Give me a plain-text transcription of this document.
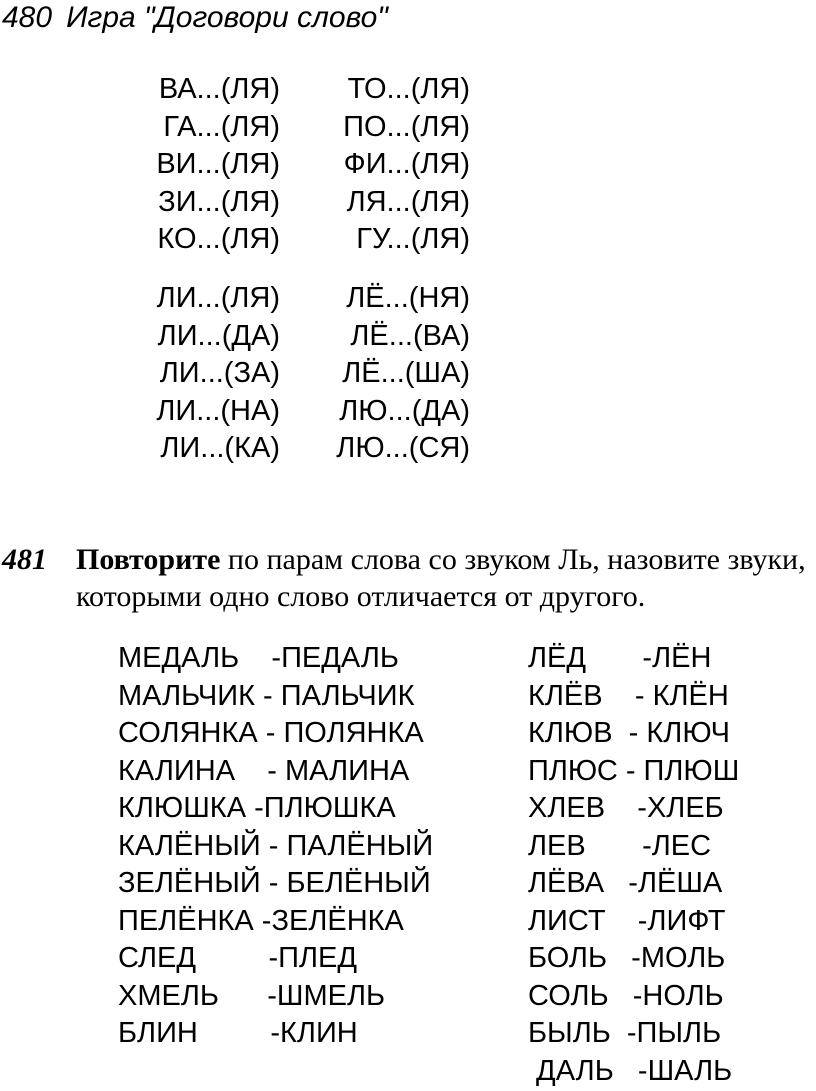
480 Игра "Договори слово"
ВА...(ЛЯ) ТО...(ЛЯ)
ГА...(ЛЯ) ПО...(ЛЯ)
ВИ...(ЛЯ) ФИ...(ЛЯ)
ЗИ...(ЛЯ) ЛЯ...(ЛЯ)
КО...(ЛЯ)	ГУ...(ЛЯ)
ЛИ...(ЛЯ) ЛЁ...(НЯ)
ЛИ...(ДА) ЛЁ...(ВА)
ЛИ...(ЗА) ЛЁ...(ША)
ЛИ...(НА) ЛЮ...(ДА)
ЛИ...(КА) ЛЮ...(СЯ)
481 Повторите по парам слова со звуком Ль, назовите звуки, которыми одно слово отличается от другого.
МЕДАЛЬ    -ПЕДАЛЬ
МАЛЬЧИК - ПАЛЬЧИК
СОЛЯНКА - ПОЛЯНКА
КАЛИНА    - МАЛИНА
КЛЮШКА -ПЛЮШКА
КАЛЁНЫЙ - ПАЛЁНЫЙ
ЗЕЛЁНЫЙ - БЕЛЁНЫЙ
ПЕЛЁНКА -ЗЕЛЁНКА
СЛЕД         -ПЛЕД
ХМЕЛЬ      -ШМЕЛЬ
БЛИН         -КЛИН
ЛЁД       -ЛЁН
КЛЁВ    - КЛЁН
КЛЮВ  - КЛЮЧ
ПЛЮС - ПЛЮШ
ХЛЕВ    -ХЛЕБ
ЛЕВ       -ЛЕС
ЛЁВА   -ЛЁША
ЛИСТ    -ЛИФТ
БОЛЬ   -МОЛЬ
СОЛЬ   -НОЛЬ
БЫЛЬ  -ПЫЛЬ
ДАЛЬ   -ШАЛЬ
